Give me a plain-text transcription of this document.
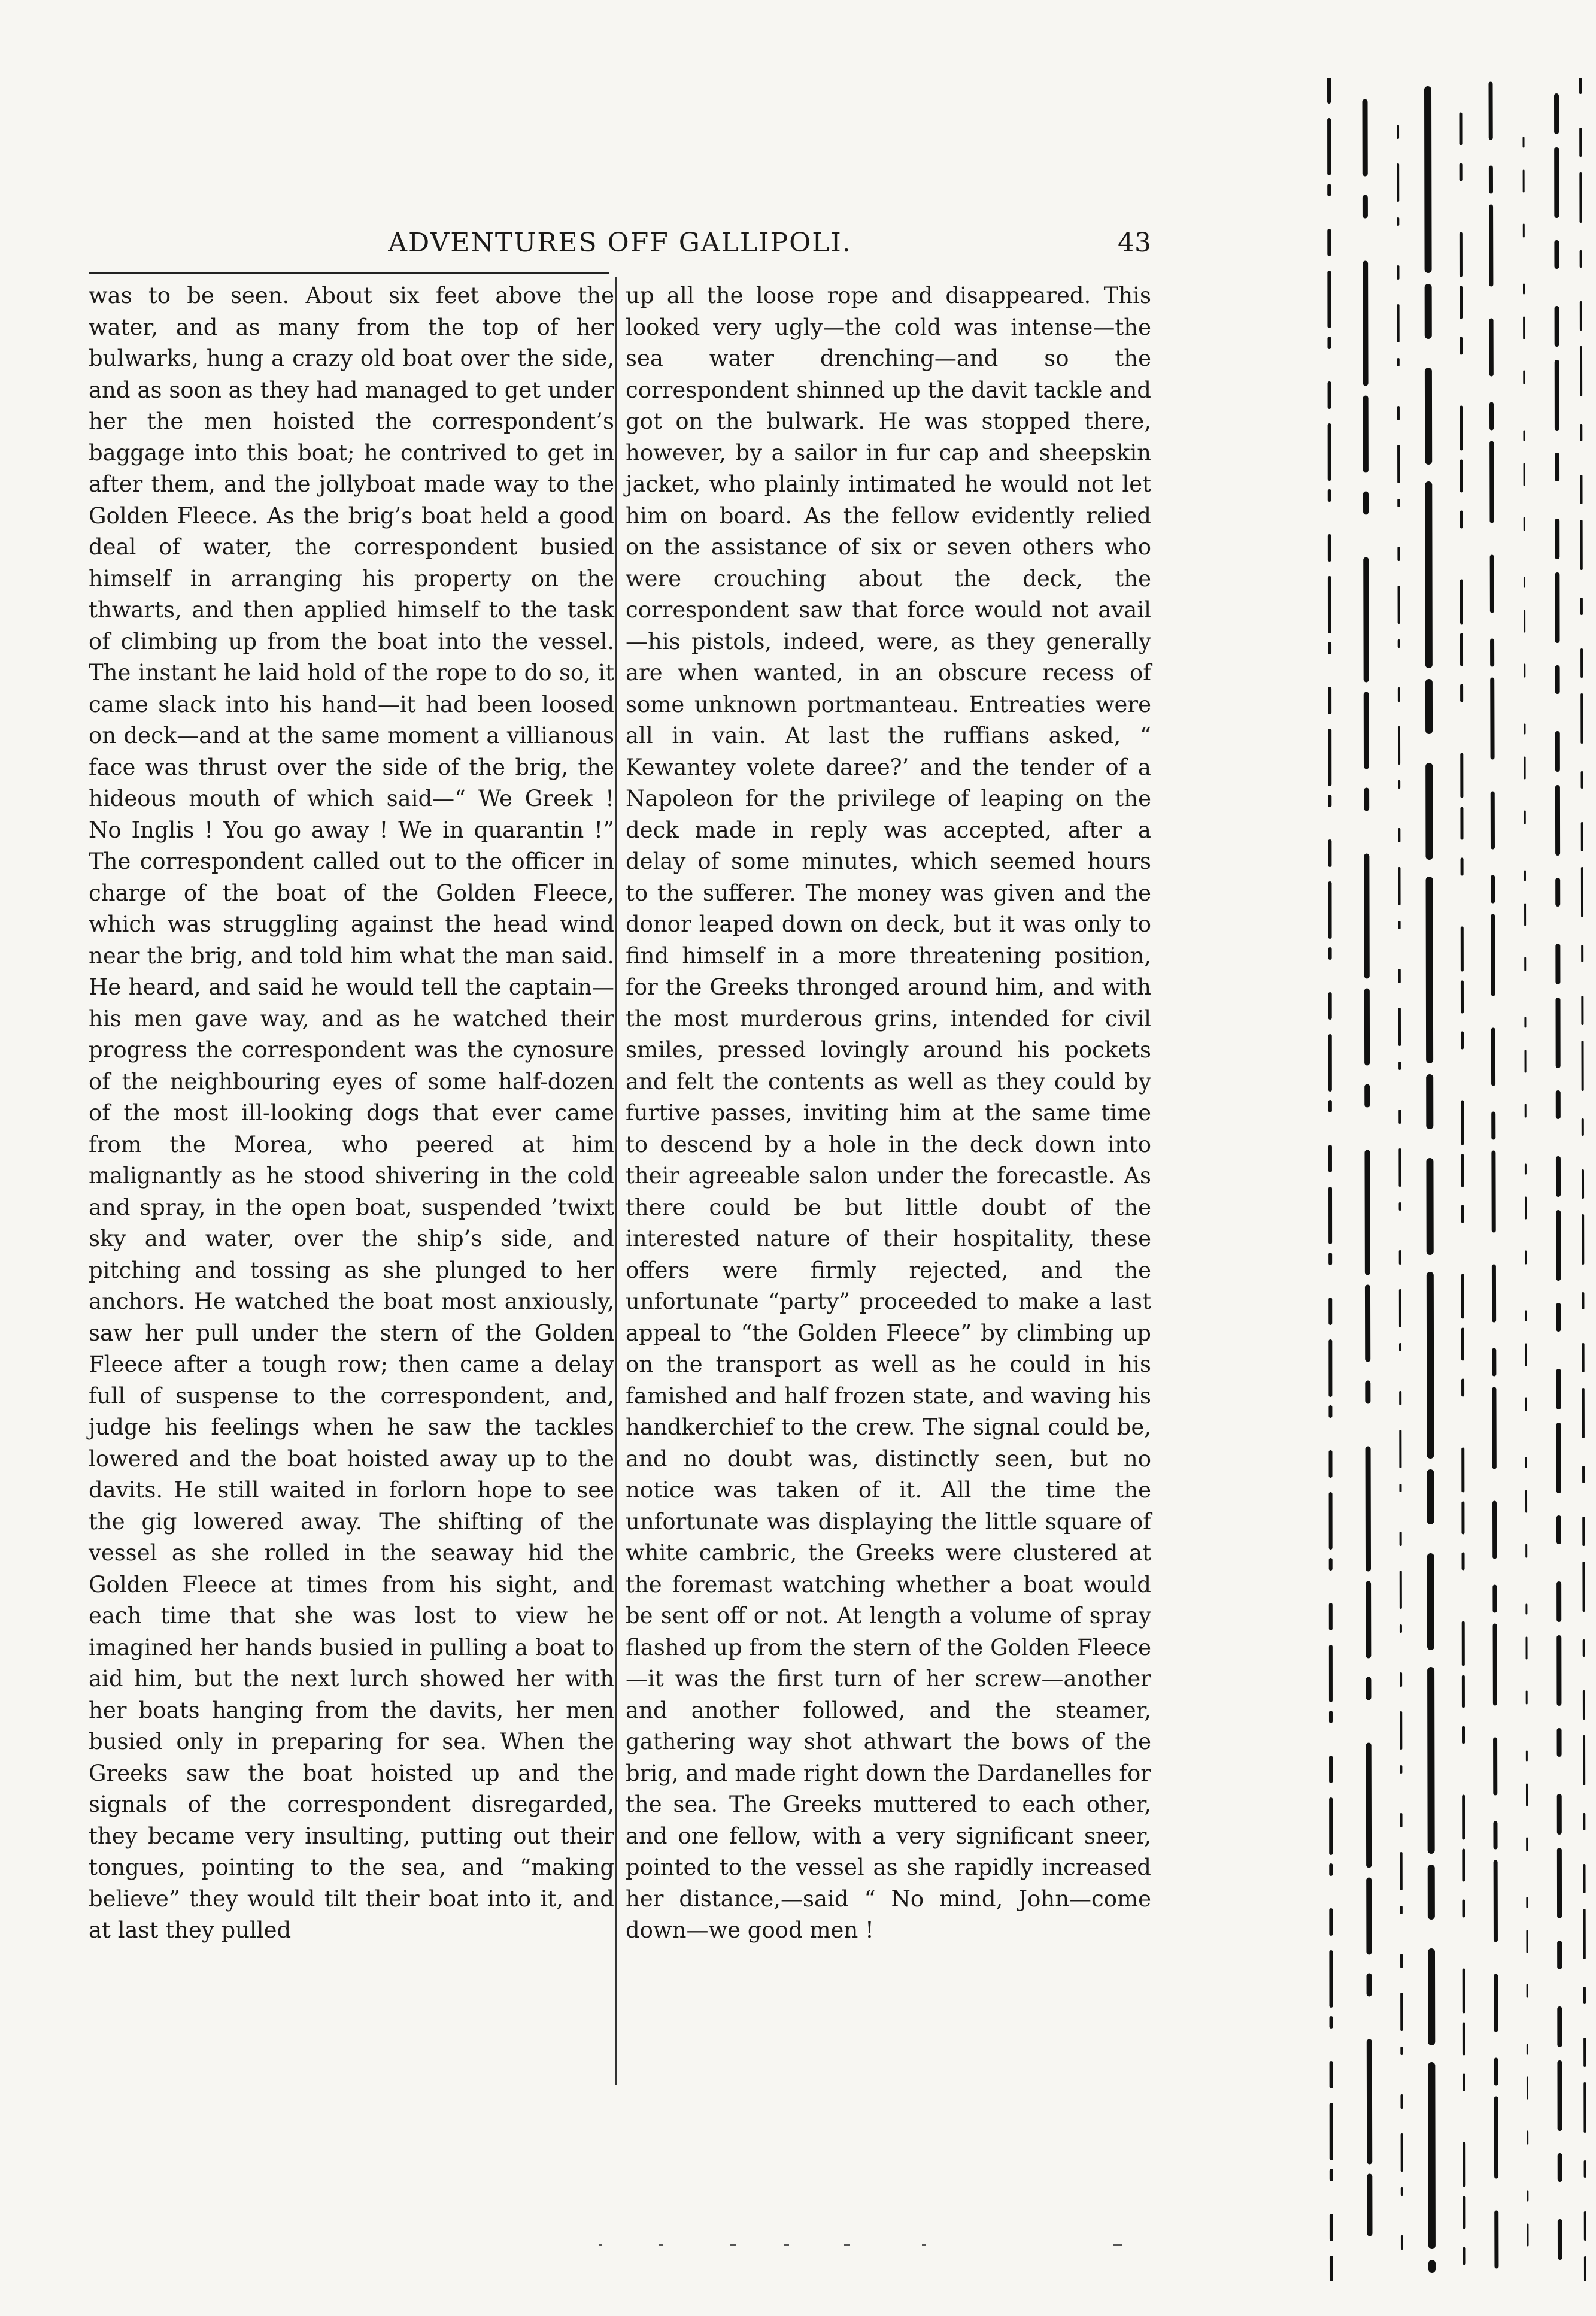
ADVENTURES OFF GALLIPOLI.	43

was to be seen. About six feet above the water, and as many from the top of her bulwarks, hung a crazy old boat over the side, and as soon as they had managed to get under her the men hoisted the correspondent’s baggage into this boat; he contrived to get in after them, and the jollyboat made way to the Golden Fleece. As the brig’s boat held a good deal of water, the correspondent busied himself in arranging his property on the thwarts, and then applied himself to the task of climbing up from the boat into the vessel. The instant he laid hold of the rope to do so, it came slack into his hand—it had been loosed on deck—and at the same moment a villianous face was thrust over the side of the brig, the hideous mouth of which said—“ We Greek ! No Inglis ! You go away ! We in quarantin !” The correspondent called out to the officer in charge of the boat of the Golden Fleece, which was struggling against the head wind near the brig, and told him what the man said. He heard, and said he would tell the captain—his men gave way, and as he watched their progress the correspondent was the cynosure of the neighbouring eyes of some half-dozen of the most ill-looking dogs that ever came from the Morea, who peered at him malignantly as he stood shivering in the cold and spray, in the open boat, suspended ’twixt sky and water, over the ship’s side, and pitching and tossing as she plunged to her anchors. He watched the boat most anxiously, saw her pull under the stern of the Golden Fleece after a tough row; then came a delay full of suspense to the correspondent, and, judge his feelings when he saw the tackles lowered and the boat hoisted away up to the davits. He still waited in forlorn hope to see the gig lowered away. The shifting of the vessel as she rolled in the seaway hid the Golden Fleece at times from his sight, and each time that she was lost to view he imagined her hands busied in pulling a boat to aid him, but the next lurch showed her with her boats hanging from the davits, her men busied only in preparing for sea. When the Greeks saw the boat hoisted up and the signals of the correspondent disregarded, they became very insulting, putting out their tongues, pointing to the sea, and “making believe” they would tilt their boat into it, and at last they pulled

up all the loose rope and disappeared. This looked very ugly—the cold was intense—the sea water drenching—and so the correspondent shinned up the davit tackle and got on the bulwark. He was stopped there, however, by a sailor in fur cap and sheepskin jacket, who plainly intimated he would not let him on board. As the fellow evidently relied on the assistance of six or seven others who were crouching about the deck, the correspondent saw that force would not avail—his pistols, indeed, were, as they generally are when wanted, in an obscure recess of some unknown portmanteau. Entreaties were all in vain. At last the ruffians asked, “ Kewantey volete daree?’ and the tender of a Napoleon for the privilege of leaping on the deck made in reply was accepted, after a delay of some minutes, which seemed hours to the sufferer. The money was given and the donor leaped down on deck, but it was only to find himself in a more threatening position, for the Greeks thronged around him, and with the most murderous grins, intended for civil smiles, pressed lovingly around his pockets and felt the contents as well as they could by furtive passes, inviting him at the same time to descend by a hole in the deck down into their agreeable salon under the forecastle. As there could be but little doubt of the interested nature of their hospitality, these offers were firmly rejected, and the unfortunate “party” proceeded to make a last appeal to “the Golden Fleece” by climbing up on the transport as well as he could in his famished and half frozen state, and waving his handkerchief to the crew. The signal could be, and no doubt was, distinctly seen, but no notice was taken of it. All the time the unfortunate was displaying the little square of white cambric, the Greeks were clustered at the foremast watching whether a boat would be sent off or not. At length a volume of spray flashed up from the stern of the Golden Fleece—it was the first turn of her screw—another and another followed, and the steamer, gathering way shot athwart the bows of the brig, and made right down the Dardanelles for the sea. The Greeks muttered to each other, and one fellow, with a very significant sneer, pointed to the vessel as she rapidly increased her distance,—said “ No mind, John—come down—we good men !
